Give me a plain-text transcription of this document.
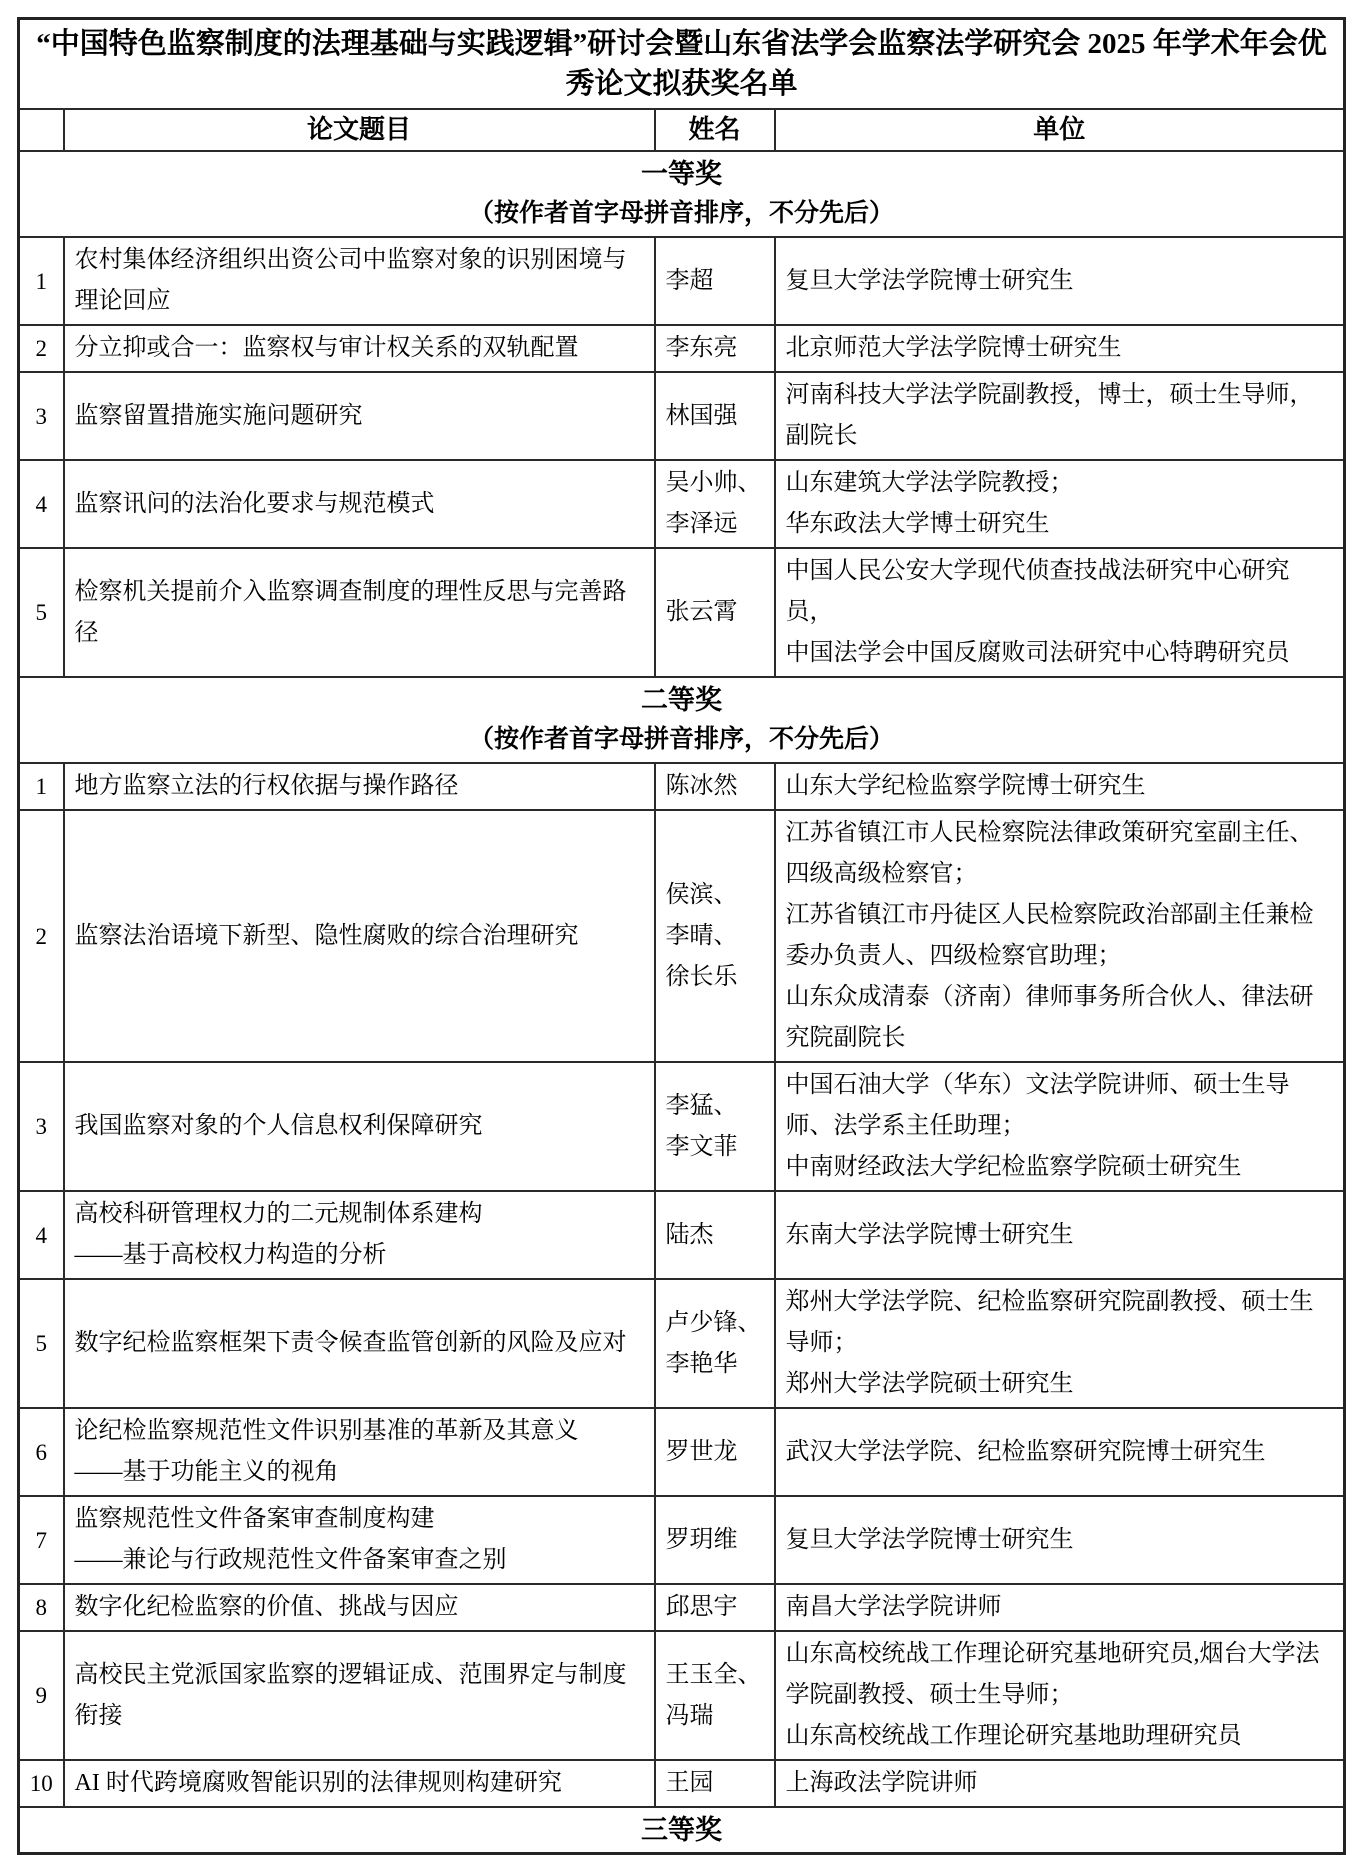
“中国特色监察制度的法理基础与实践逻辑”研讨会暨山东省法学会监察法学研究会 2025 年学术年会优秀论文拟获奖名单			
	论文题目	姓名	单位

一等奖
（按作者首字母拼音排序，不分先后）			

1	农村集体经济组织出资公司中监察对象的识别困境与理论回应	李超	复旦大学法学院博士研究生

2	分立抑或合一：监察权与审计权关系的双轨配置	李东亮	北京师范大学法学院博士研究生

3	监察留置措施实施问题研究	林国强	河南科技大学法学院副教授，博士，硕士生导师，副院长

4	监察讯问的法治化要求与规范模式	吴小帅、
李泽远	山东建筑大学法学院教授；
华东政法大学博士研究生

5	检察机关提前介入监察调查制度的理性反思与完善路径	张云霄	中国人民公安大学现代侦查技战法研究中心研究员，
中国法学会中国反腐败司法研究中心特聘研究员

二等奖
（按作者首字母拼音排序，不分先后）			

1	地方监察立法的行权依据与操作路径	陈冰然	山东大学纪检监察学院博士研究生

2	监察法治语境下新型、隐性腐败的综合治理研究	侯滨、
李晴、
徐长乐	江苏省镇江市人民检察院法律政策研究室副主任、四级高级检察官；
江苏省镇江市丹徒区人民检察院政治部副主任兼检委办负责人、四级检察官助理；
山东众成清泰（济南）律师事务所合伙人、律法研究院副院长

3	我国监察对象的个人信息权利保障研究	李猛、
李文菲	中国石油大学（华东）文法学院讲师、硕士生导师、法学系主任助理；
中南财经政法大学纪检监察学院硕士研究生

4	高校科研管理权力的二元规制体系建构
——基于高校权力构造的分析	陆杰	东南大学法学院博士研究生

5	数字纪检监察框架下责令候查监管创新的风险及应对	卢少锋、
李艳华	郑州大学法学院、纪检监察研究院副教授、硕士生导师；
郑州大学法学院硕士研究生

6	论纪检监察规范性文件识别基准的革新及其意义
——基于功能主义的视角	罗世龙	武汉大学法学院、纪检监察研究院博士研究生

7	监察规范性文件备案审查制度构建
——兼论与行政规范性文件备案审查之别	罗玥维	复旦大学法学院博士研究生

8	数字化纪检监察的价值、挑战与因应	邱思宇	南昌大学法学院讲师

9	高校民主党派国家监察的逻辑证成、范围界定与制度衔接	王玉全、
冯瑞	山东高校统战工作理论研究基地研究员,烟台大学法学院副教授、硕士生导师；
山东高校统战工作理论研究基地助理研究员

10	AI 时代跨境腐败智能识别的法律规则构建研究	王园	上海政法学院讲师

三等奖			
